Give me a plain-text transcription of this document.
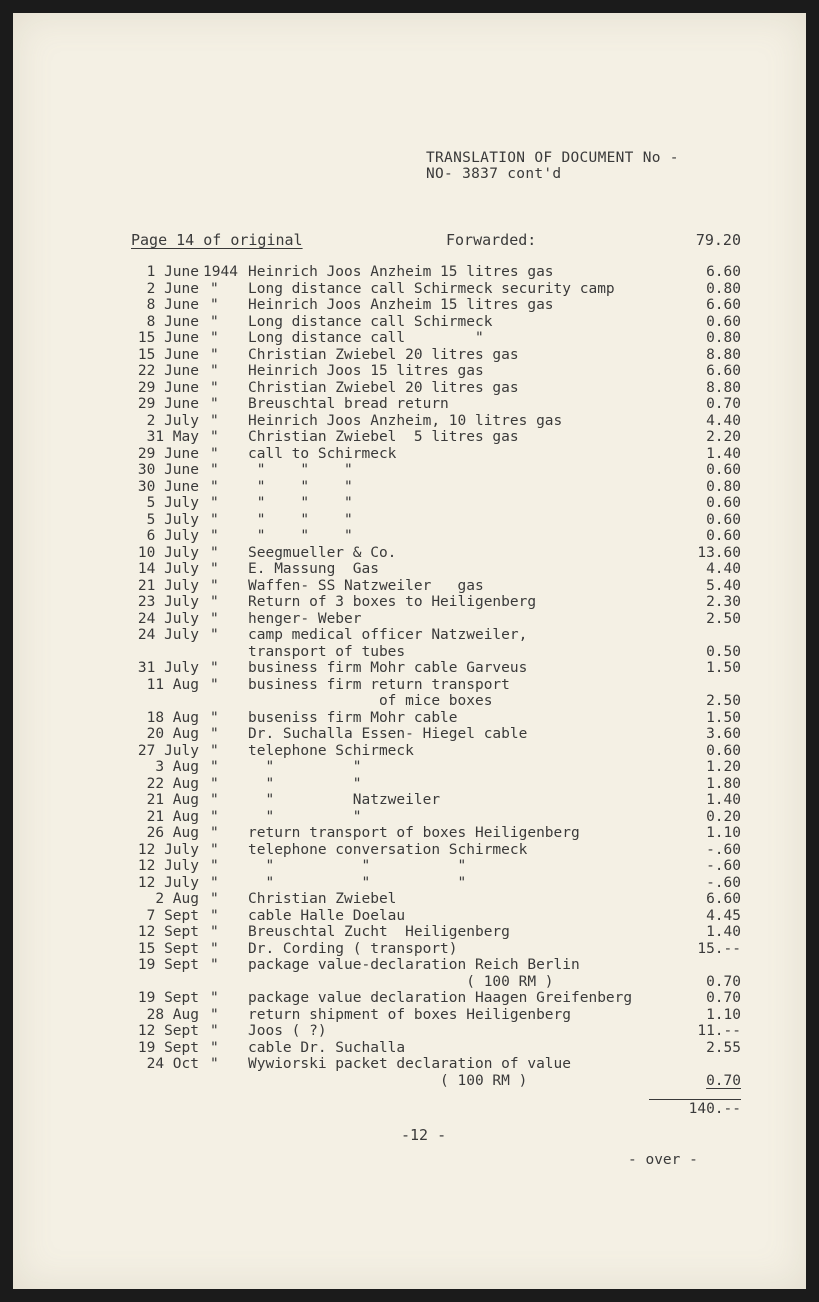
TRANSLATION OF DOCUMENT No -
NO- 3837 cont'd
Page 14 of original	Forwarded:	79.20
1 June 1944 Heinrich Joos Anzheim 15 litres gas	6.60
2 June " Long distance call Schirmeck security camp	0.80
8 June " Heinrich Joos Anzheim 15 litres gas	6.60
8 June " Long distance call Schirmeck	0.60
15 June " Long distance call        "	0.80
15 June " Christian Zwiebel 20 litres gas	8.80
22 June " Heinrich Joos 15 litres gas	6.60
29 June " Christian Zwiebel 20 litres gas	8.80
29 June " Breuschtal bread return	0.70
2 July " Heinrich Joos Anzheim, 10 litres gas	4.40
31 May " Christian Zwiebel  5 litres gas	2.20
29 June " call to Schirmeck	1.40
30 June " "    "    "	0.60
30 June " "    "    "	0.80
5 July " "    "    "	0.60
5 July " "    "    "	0.60
6 July " "    "    "	0.60
10 July " Seegmueller & Co.	13.60
14 July " E. Massung  Gas	4.40
21 July " Waffen- SS Natzweiler   gas	5.40
23 July " Return of 3 boxes to Heiligenberg	2.30
24 July " henger- Weber	2.50
24 July " camp medical officer Natzweiler,
transport of tubes	0.50
31 July " business firm Mohr cable Garveus	1.50
11 Aug " business firm return transport
of mice boxes	2.50
18 Aug " buseniss firm Mohr cable	1.50
20 Aug " Dr. Suchalla Essen- Hiegel cable	3.60
27 July " telephone Schirmeck	0.60
3 Aug " "         "	1.20
22 Aug " "         "	1.80
21 Aug " "         Natzweiler	1.40
21 Aug " "         "	0.20
26 Aug " return transport of boxes Heiligenberg	1.10
12 July " telephone conversation Schirmeck	-.60
12 July " "          "          "	-.60
12 July " "          "          "	-.60
2 Aug " Christian Zwiebel	6.60
7 Sept " cable Halle Doelau	4.45
12 Sept " Breuschtal Zucht  Heiligenberg	1.40
15 Sept " Dr. Cording ( transport)	15.--
19 Sept " package value-declaration Reich Berlin
( 100 RM )	0.70
19 Sept " package value declaration Haagen Greifenberg	0.70
28 Aug " return shipment of boxes Heiligenberg	1.10
12 Sept " Joos ( ?)	11.--
19 Sept " cable Dr. Suchalla	2.55
24 Oct " Wywiorski packet declaration of value
( 100 RM )	0.70
140.--
-12 -
- over -
